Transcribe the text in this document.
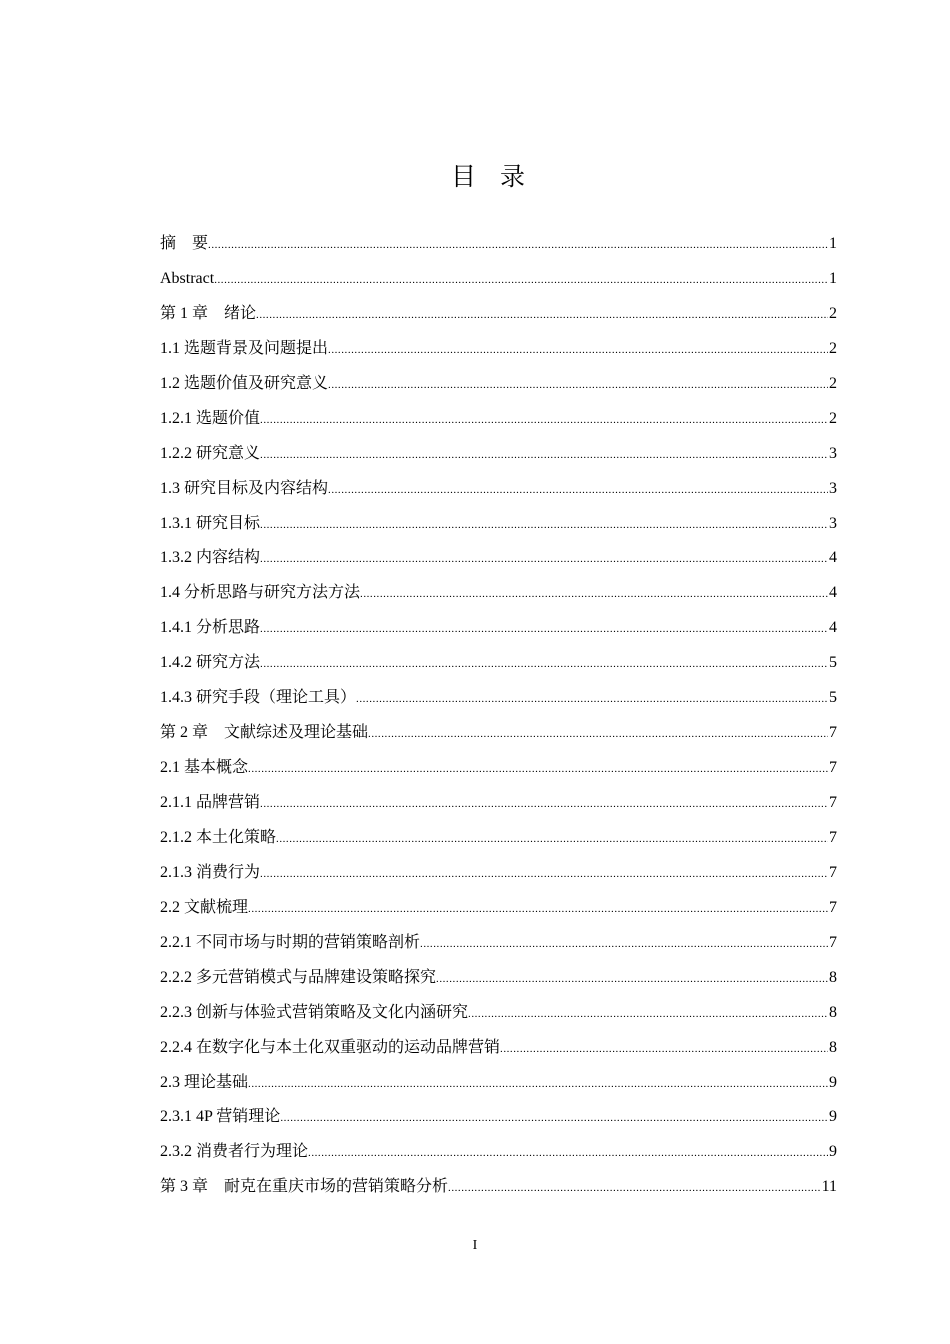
目录
摘　要 .....	1
Abstract .....	1
第 1 章　绪论 .....	2
1.1 选题背景及问题提出 .....	2
1.2 选题价值及研究意义 .....	2
1.2.1 选题价值 .....	2
1.2.2 研究意义 .....	3
1.3 研究目标及内容结构 .....	3
1.3.1 研究目标 .....	3
1.3.2 内容结构 .....	4
1.4 分析思路与研究方法方法 .....	4
1.4.1 分析思路 .....	4
1.4.2 研究方法 .....	5
1.4.3 研究手段（理论工具） .....	5
第 2 章　文献综述及理论基础 .....	7
2.1 基本概念 .....	7
2.1.1 品牌营销 .....	7
2.1.2 本土化策略 .....	7
2.1.3 消费行为 .....	7
2.2 文献梳理 .....	7
2.2.1 不同市场与时期的营销策略剖析 .....	7
2.2.2 多元营销模式与品牌建设策略探究 .....	8
2.2.3 创新与体验式营销策略及文化内涵研究 .....	8
2.2.4 在数字化与本土化双重驱动的运动品牌营销 .....	8
2.3 理论基础 .....	9
2.3.1 4P 营销理论 .....	9
2.3.2 消费者行为理论 .....	9
第 3 章　耐克在重庆市场的营销策略分析 .....	11
I
